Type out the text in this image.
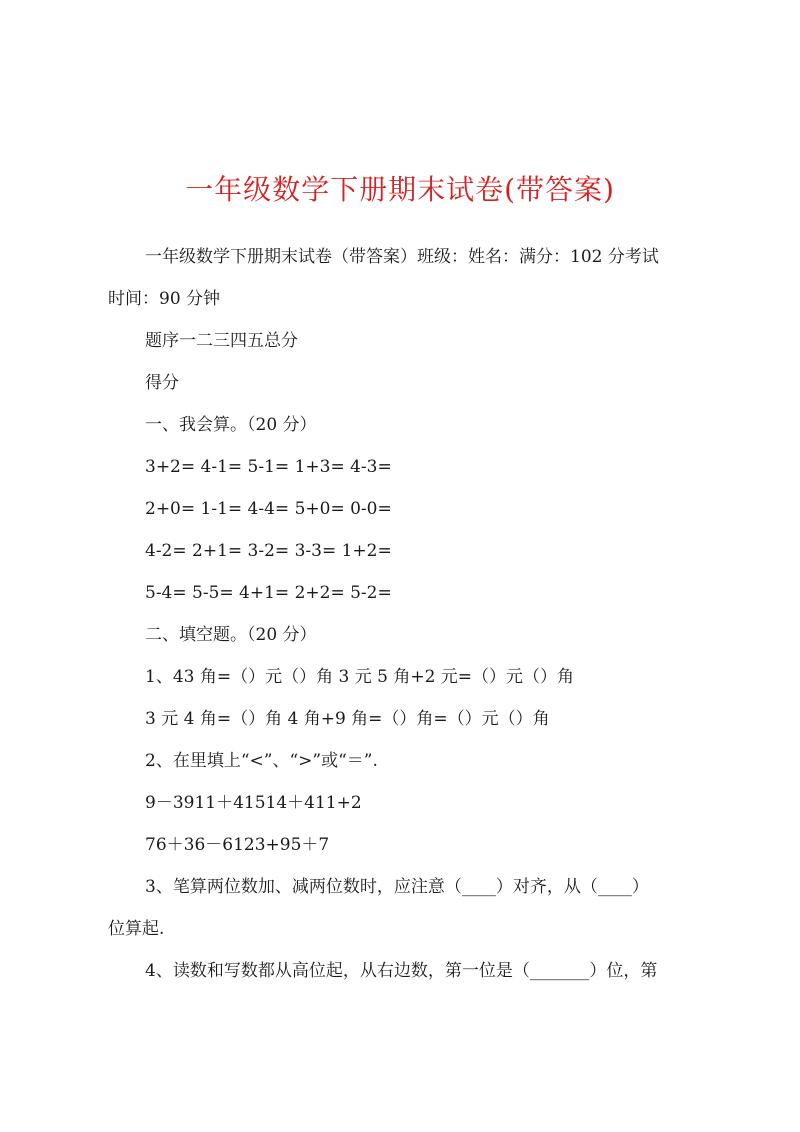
一年级数学下册期末试卷(带答案)
一年级数学下册期末试卷（带答案）班级：姓名：满分：102 分考试
时间：90 分钟
题序一二三四五总分
得分
一、我会算。（20 分）
3+2= 4-1= 5-1= 1+3= 4-3=
2+0= 1-1= 4-4= 5+0= 0-0=
4-2= 2+1= 3-2= 3-3= 1+2=
5-4= 5-5= 4+1= 2+2= 5-2=
二、填空题。（20 分）
1、43 角=（）元（）角 3 元 5 角+2 元=（）元（）角
3 元 4 角=（）角 4 角+9 角=（）角=（）元（）角
2、在里填上“<”、“>”或“＝”.
9－3911＋41514＋411+2
76＋36－6123+95＋7
3、笔算两位数加、减两位数时，应注意（____）对齐，从（____）
位算起.
4、读数和写数都从高位起，从右边数，第一位是（_______）位，第
